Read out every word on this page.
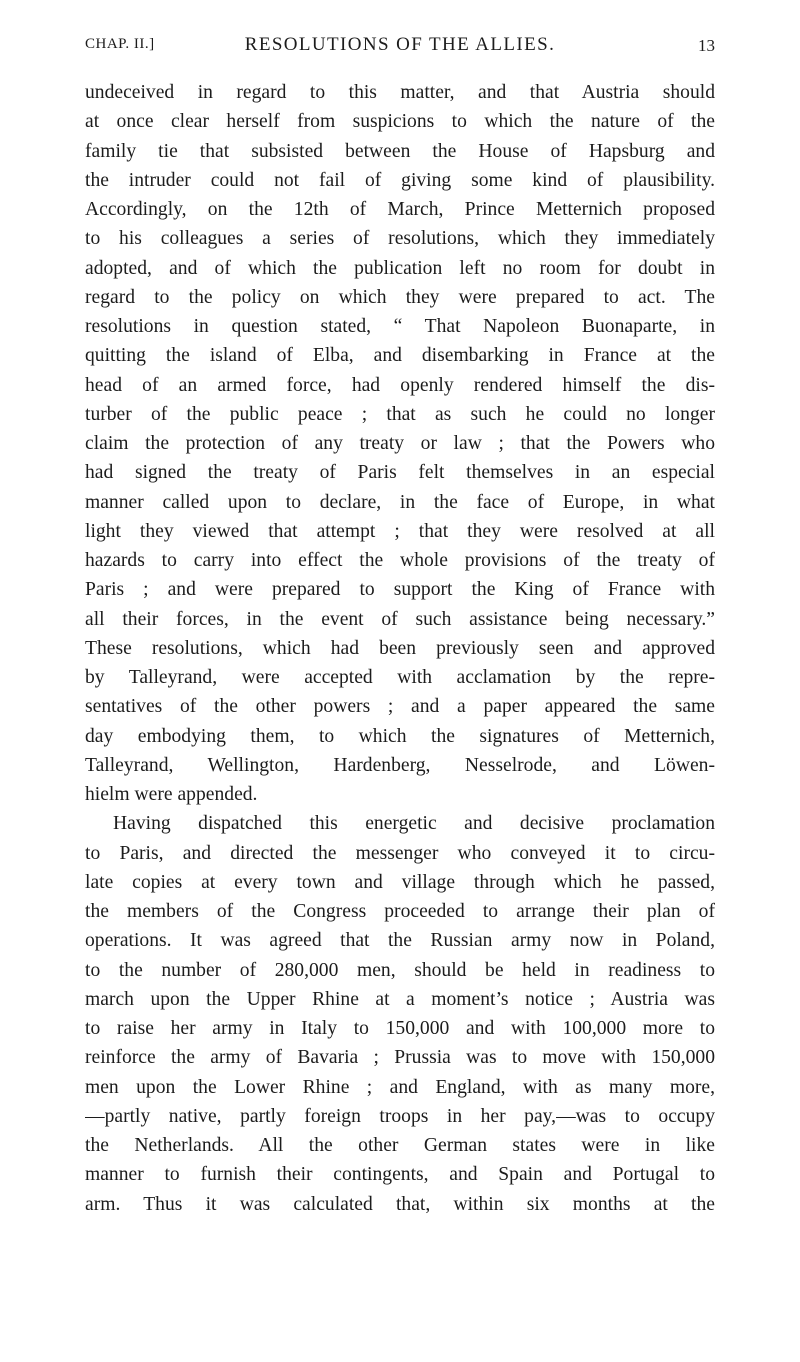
CHAP. II.]	RESOLUTIONS OF THE ALLIES.	13
undeceived in regard to this matter, and that Austria should
at once clear herself from suspicions to which the nature of the
family tie that subsisted between the House of Hapsburg and
the intruder could not fail of giving some kind of plausibility.
Accordingly, on the 12th of March, Prince Metternich proposed
to his colleagues a series of resolutions, which they immediately
adopted, and of which the publication left no room for doubt in
regard to the policy on which they were prepared to act. The
resolutions in question stated, “ That Napoleon Buonaparte, in
quitting the island of Elba, and disembarking in France at the
head of an armed force, had openly rendered himself the dis-
turber of the public peace ; that as such he could no longer
claim the protection of any treaty or law ; that the Powers who
had signed the treaty of Paris felt themselves in an especial
manner called upon to declare, in the face of Europe, in what
light they viewed that attempt ; that they were resolved at all
hazards to carry into effect the whole provisions of the treaty of
Paris ; and were prepared to support the King of France with
all their forces, in the event of such assistance being necessary.”
These resolutions, which had been previously seen and approved
by Talleyrand, were accepted with acclamation by the repre-
sentatives of the other powers ; and a paper appeared the same
day embodying them, to which the signatures of Metternich,
Talleyrand, Wellington, Hardenberg, Nesselrode, and Löwen-
hielm were appended.
Having dispatched this energetic and decisive proclamation
to Paris, and directed the messenger who conveyed it to circu-
late copies at every town and village through which he passed,
the members of the Congress proceeded to arrange their plan of
operations. It was agreed that the Russian army now in Poland,
to the number of 280,000 men, should be held in readiness to
march upon the Upper Rhine at a moment’s notice ; Austria was
to raise her army in Italy to 150,000 and with 100,000 more to
reinforce the army of Bavaria ; Prussia was to move with 150,000
men upon the Lower Rhine ; and England, with as many more,
—partly native, partly foreign troops in her pay,—was to occupy
the Netherlands. All the other German states were in like
manner to furnish their contingents, and Spain and Portugal to
arm. Thus it was calculated that, within six months at the
